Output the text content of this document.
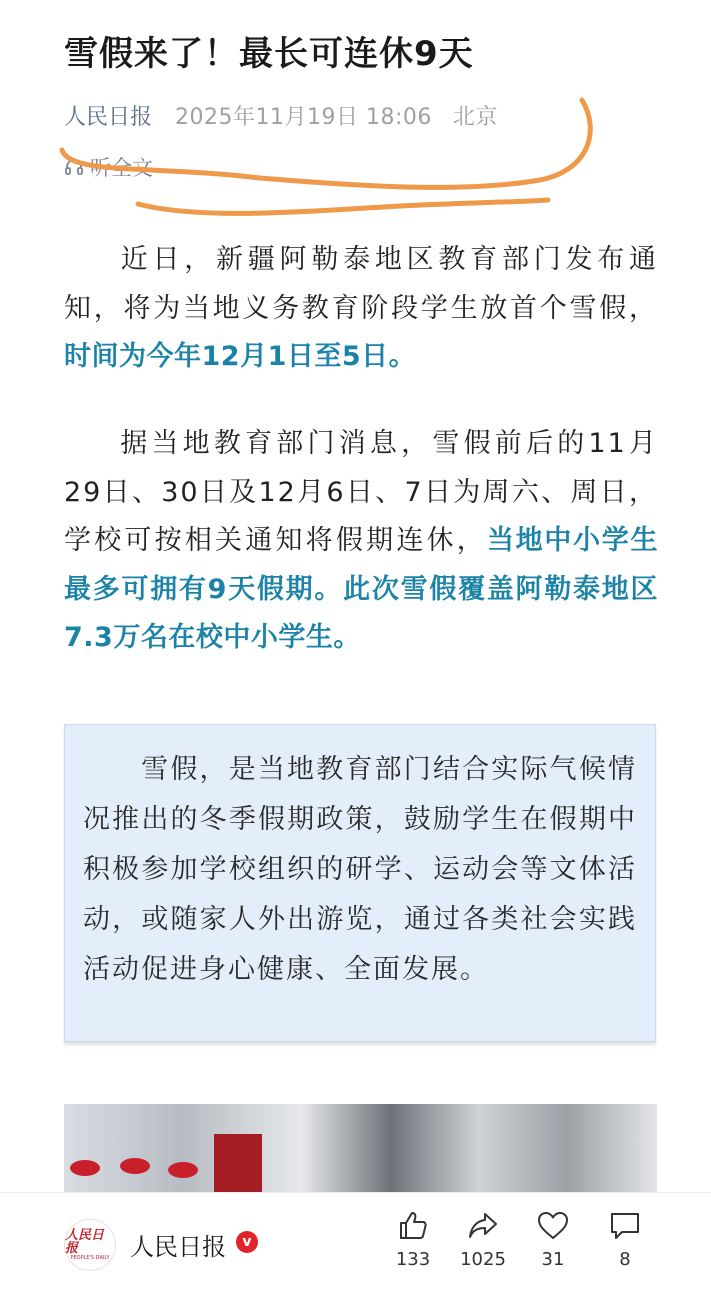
雪假来了！最长可连休9天
人民日报 2025年11月19日 18:06 北京
听全文
近日，新疆阿勒泰地区教育部门发布通知，将为当地义务教育阶段学生放首个雪假，时间为今年12月1日至5日。
据当地教育部门消息，雪假前后的11月29日、30日及12月6日、7日为周六、周日，学校可按相关通知将假期连休，当地中小学生最多可拥有9天假期。此次雪假覆盖阿勒泰地区7.3万名在校中小学生。
雪假，是当地教育部门结合实际气候情况推出的冬季假期政策，鼓励学生在假期中积极参加学校组织的研学、运动会等文体活动，或随家人外出游览，通过各类社会实践活动促进身心健康、全面发展。
人民日报
PEOPLE'S DAILY 人民日报	v
133	1025	31	8
